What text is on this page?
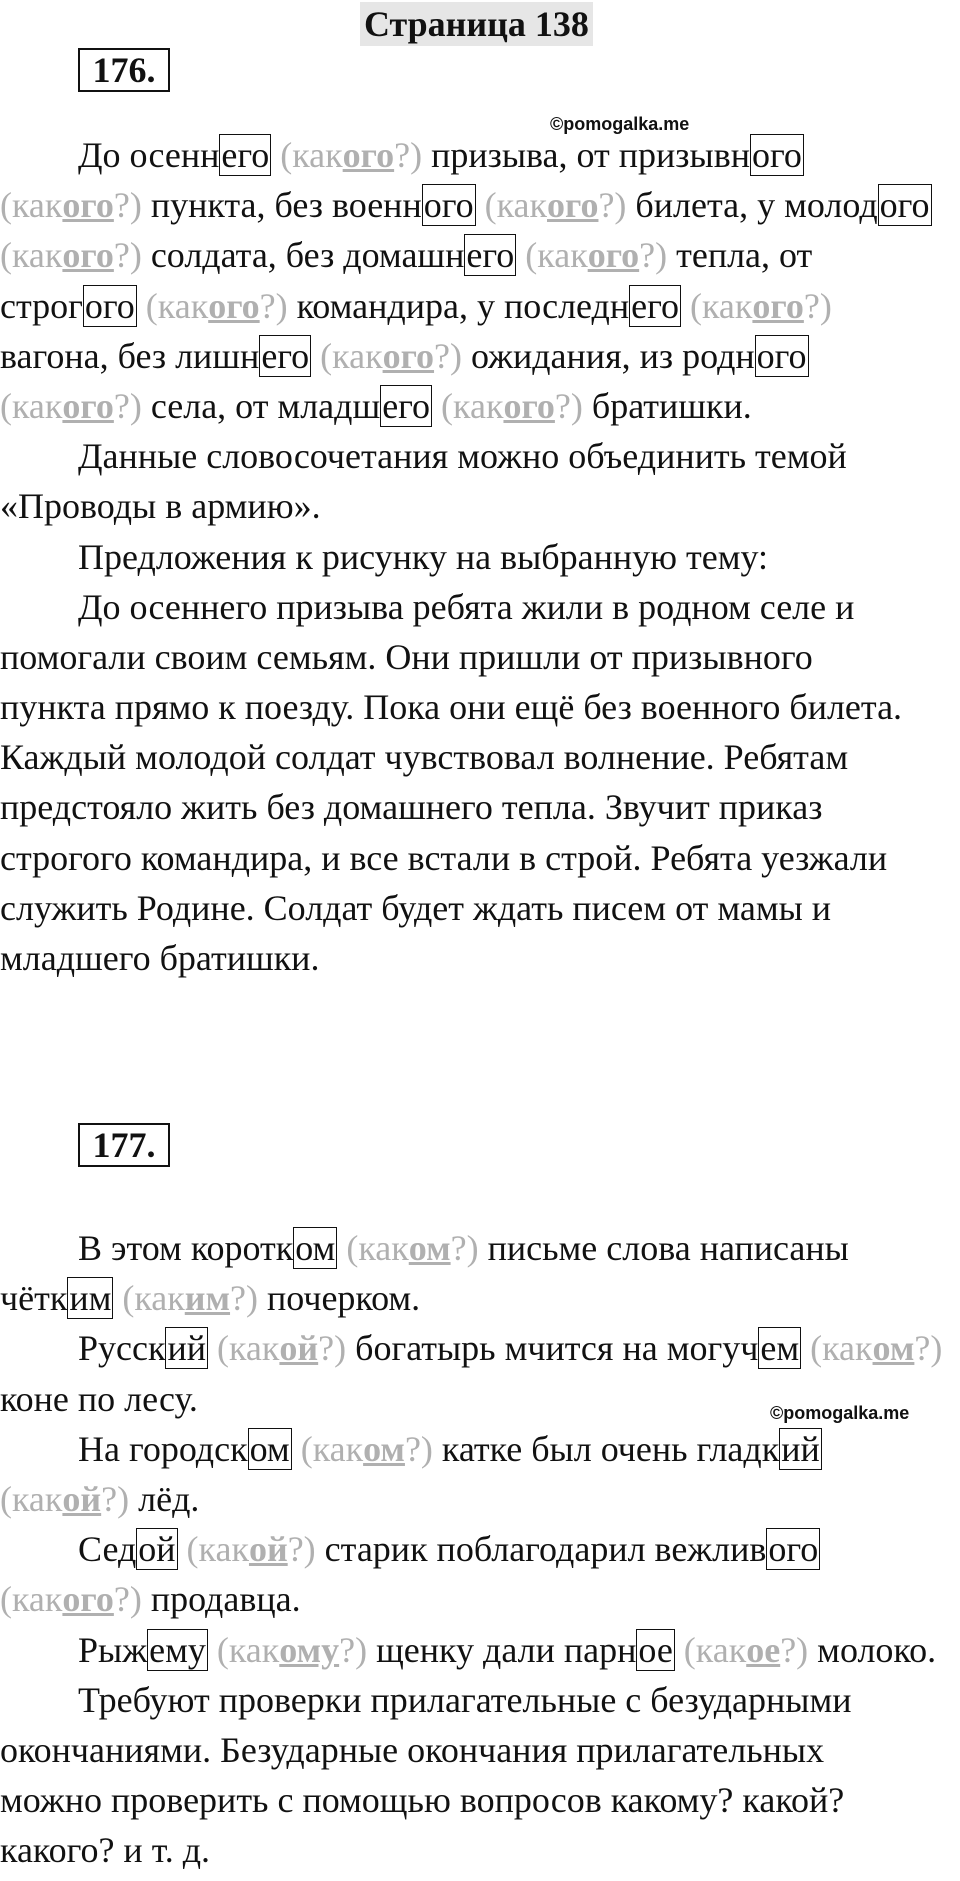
Страница 138
176.
©pomogalka.me
До осеннего (какого?) призыва, от призывного
(какого?) пункта, без военного (какого?) билета, у молодого
(какого?) солдата, без домашнего (какого?) тепла, от
строгого (какого?) командира, у последнего (какого?)
вагона, без лишнего (какого?) ожидания, из родного
(какого?) села, от младшего (какого?) братишки.
Данные словосочетания можно объединить темой
«Проводы в армию».
Предложения к рисунку на выбранную тему:
До осеннего призыва ребята жили в родном селе и
помогали своим семьям. Они пришли от призывного
пункта прямо к поезду. Пока они ещё без военного билета.
Каждый молодой солдат чувствовал волнение. Ребятам
предстояло жить без домашнего тепла. Звучит приказ
строгого командира, и все встали в строй. Ребята уезжали
служить Родине. Солдат будет ждать писем от мамы и
младшего братишки.
177.
В этом коротком (каком?) письме слова написаны
чётким (каким?) почерком.
Русский (какой?) богатырь мчится на могучем (каком?)
коне по лесу.
На городском (каком?) катке был очень гладкий
(какой?) лёд.
Седой (какой?) старик поблагодарил вежливого
(какого?) продавца.
Рыжему (какому?) щенку дали парное (какое?) молоко.
Требуют проверки прилагательные с безударными
окончаниями. Безударные окончания прилагательных
можно проверить с помощью вопросов какому? какой?
какого? и т. д.
©pomogalka.me
